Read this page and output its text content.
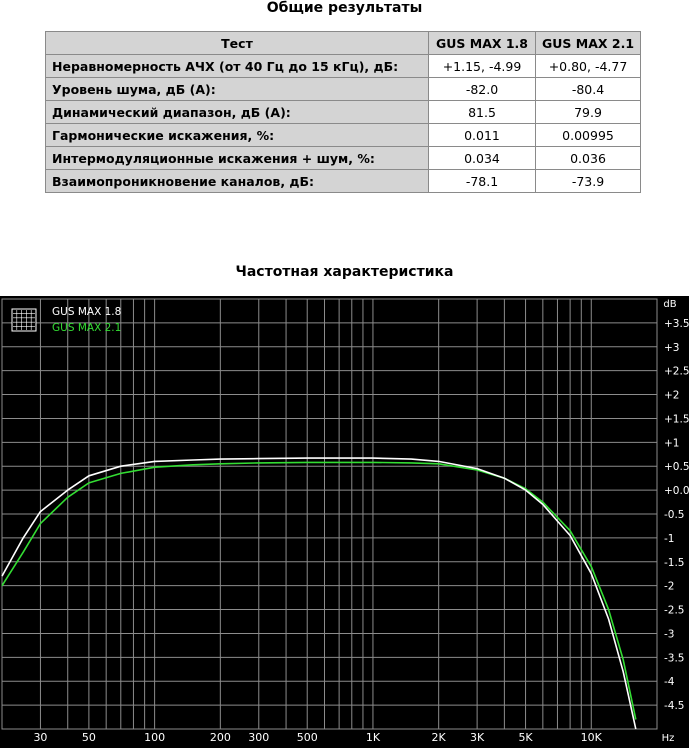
Общие результаты
Тест	GUS MAX 1.8	GUS MAX 2.1
Неравномерность АЧХ (от 40 Гц до 15 кГц), дБ:	+1.15, -4.99	+0.80, -4.77
Уровень шума, дБ (А):	-82.0	-80.4
Динамический диапазон, дБ (А):	81.5	79.9
Гармонические искажения, %:	0.011	0.00995
Интермодуляционные искажения + шум, %:	0.034	0.036
Взаимопроникновение каналов, дБ:	-78.1	-73.9
Частотная характеристика
+3.5
+3
+2.5
+2
+1.5
+1
+0.5
+0.0
-0.5
-1
-1.5
-2
-2.5
-3
-3.5
-4
-4.5
30	50	100	200 300 500	1K	2K 3K	5K	10K
GUS MAX 1.8
GUS MAX 2.1
dB
Hz
